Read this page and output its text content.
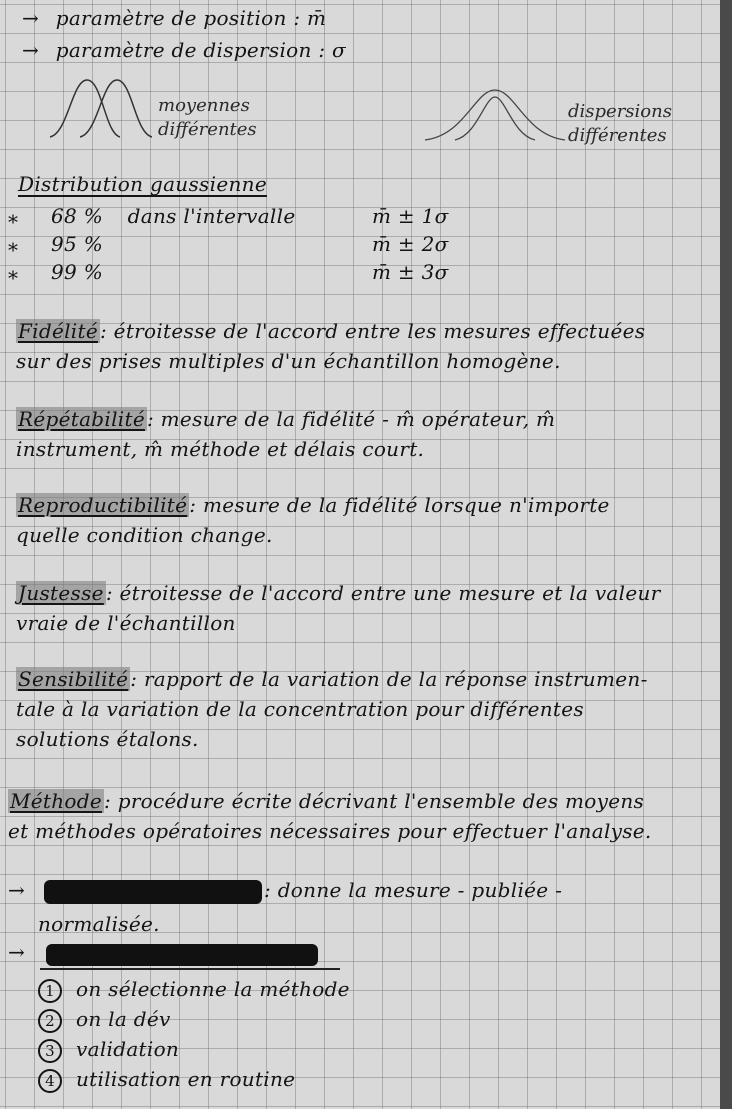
→ paramètre de position : m̄
→ paramètre de dispersion : σ
moyennes
différentes
dispersions
différentes
Distribution gaussienne
⁎ 68 % dans l'intervalle	m̄ ± 1σ
⁎ 95 %	m̄ ± 2σ
⁎ 99 %	m̄ ± 3σ
Fidélité : étroitesse de l'accord entre les mesures effectuées
sur des prises multiples d'un échantillon homogène.
Répétabilité : mesure de la fidélité - m̂ opérateur, m̂
instrument, m̂ méthode et délais court.
Reproductibilité : mesure de la fidélité lorsque n'importe
quelle condition change.
Justesse : étroitesse de l'accord entre une mesure et la valeur
vraie de l'échantillon
Sensibilité : rapport de la variation de la réponse instrumen-
tale à la variation de la concentration pour différentes
solutions étalons.
Méthode : procédure écrite décrivant l'ensemble des moyens
et méthodes opératoires nécessaires pour effectuer l'analyse.
→	: donne la mesure - publiée -
normalisée.
→
1 on sélectionne la méthode
2 on la dév
3 validation
4 utilisation en routine
